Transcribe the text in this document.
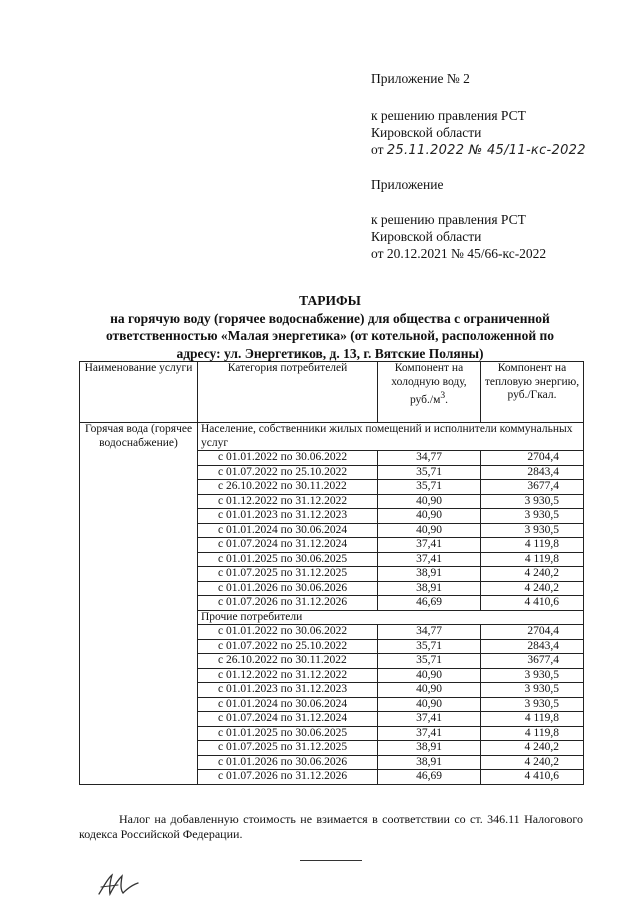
Приложение № 2
к решению правления РСТ
Кировской области
от 25.11.2022 № 45/11-кс-2022
Приложение
к решению правления РСТ
Кировской области
от 20.12.2021 № 45/66-кс-2022
ТАРИФЫ
на горячую воду (горячее водоснабжение) для общества с ограниченной
ответственностью «Малая энергетика» (от котельной, расположенной по
адресу: ул. Энергетиков, д. 13, г. Вятские Поляны)
Наименование услуги	Категория потребителей	Компонент на холодную воду, $руб./м^3$.	Компонент на тепловую энергию, руб./Гкал.
Горячая вода (горячее водоснабжение)	Население, собственники жилых помещений и исполнители коммунальных услуг		
	с 01.01.2022 по 30.06.2022	34,77	2704,4
	с 01.07.2022 по 25.10.2022	35,71	2843,4
	с 26.10.2022 по 30.11.2022	35,71	3677,4
	с 01.12.2022 по 31.12.2022	40,90	3 930,5
	с 01.01.2023 по 31.12.2023	40,90	3 930,5
	с 01.01.2024 по 30.06.2024	40,90	3 930,5
	с 01.07.2024 по 31.12.2024	37,41	4 119,8
	с 01.01.2025 по 30.06.2025	37,41	4 119,8
	с 01.07.2025 по 31.12.2025	38,91	4 240,2
	с 01.01.2026 по 30.06.2026	38,91	4 240,2
	с 01.07.2026 по 31.12.2026	46,69	4 410,6
	Прочие потребители		
	с 01.01.2022 по 30.06.2022	34,77	2704,4
	с 01.07.2022 по 25.10.2022	35,71	2843,4
	с 26.10.2022 по 30.11.2022	35,71	3677,4
	с 01.12.2022 по 31.12.2022	40,90	3 930,5
	с 01.01.2023 по 31.12.2023	40,90	3 930,5
	с 01.01.2024 по 30.06.2024	40,90	3 930,5
	с 01.07.2024 по 31.12.2024	37,41	4 119,8
	с 01.01.2025 по 30.06.2025	37,41	4 119,8
	с 01.07.2025 по 31.12.2025	38,91	4 240,2
	с 01.01.2026 по 30.06.2026	38,91	4 240,2
	с 01.07.2026 по 31.12.2026	46,69	4 410,6
Налог на добавленную стоимость не взимается в соответствии со ст. 346.11 Налогового кодекса Российской Федерации.
